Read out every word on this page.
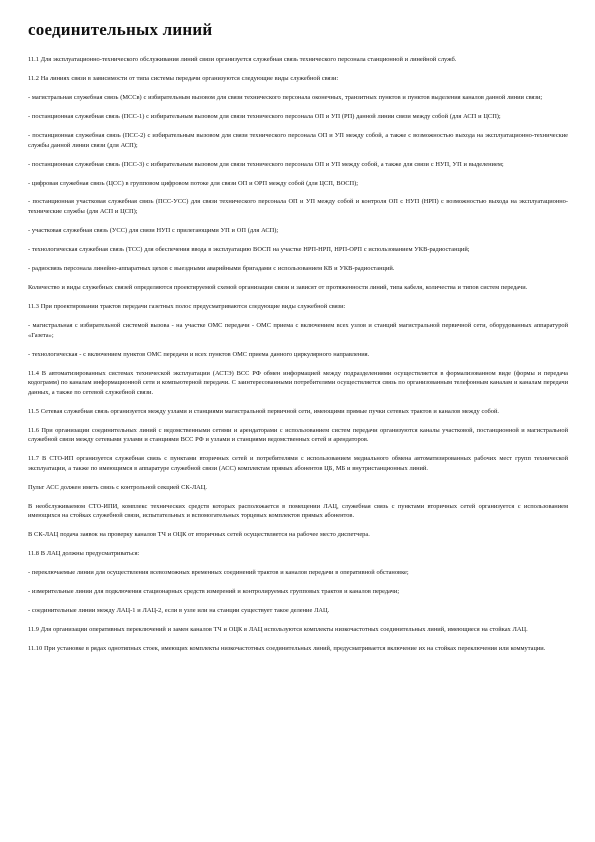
соединительных линий

11.1 Для эксплуатационно-технического обслуживания линий связи организуется служебная связь технического персонала станционной и линейной служб.

11.2 На линиях связи в зависимости от типа системы передачи организуются следующие виды служебной связи:

- магистральная служебная связь (МССв) с избирательным вызовом для связи технического персонала оконечных, транзитных пунктов и пунктов выделения каналов данной линии связи;

- постанционная служебная связь (ПСС-1) с избирательным вызовом для связи технического персонала ОП и УП (РП) данной линии связи между собой (для АСП и ЦСП);

- постанционная служебная связь (ПСС-2) с избирательным вызовом для связи технического персонала ОП и УП между собой, а также с возможностью выхода на эксплуатационно-технические службы данной линии связи (для АСП);

- постанционная служебная связь (ПСС-3) с избирательным вызовом для связи технического персонала ОП и УП между собой, а также для связи с НУП, УП и выделением;

- цифровая служебная связь (ЦСС) в групповом цифровом потоке для связи ОП и ОРП между собой (для ЦСП, ВОСП);

- постанционная участковая служебная связь (ПСС-УСС) для связи технического персонала ОП и УП между собой и контроля ОП с НУП (НРП) с возможностью выхода на эксплуатационно-технические службы (для АСП и ЦСП);

- участковая служебная связь (УСС) для связи НУП с прилегающими УП и ОП (для АСП);

- технологическая служебная связь (ТСС) для обеспечения ввода в эксплуатацию ВОСП на участке НРП-НРП, НРП-ОРП с использованием УКВ-радиостанций;

- радиосвязь персонала линейно-аппаратных цехов с выездными аварийными бригадами с использованием КВ и УКВ-радиостанций.

Количество и виды служебных связей определяются проектируемой схемой организации связи и зависят от протяженности линий, типа кабеля, количества и типов систем передачи.

11.3 При проектировании трактов передачи газетных полос предусматриваются следующие виды служебной связи:

- магистральная с избирательной системой вызова - на участке ОМС передачи - ОМС приема с включением всех узлов и станций магистральной первичной сети, оборудованных аппаратурой «Газета»;

- технологическая - с включением пунктов ОМС передачи и всех пунктов ОМС приема данного циркулярного направления.

11.4 В автоматизированных системах технической эксплуатации (АСТЭ) ВСС РФ обмен информацией между подразделениями осуществляется в формализованном виде (формы и передача кодограмм) по каналам информационной сети и компьютерной передачи. С заинтересованными потребителями осуществляется связь по организованным телефонным каналам и каналам передачи данных, а также по сетевой служебной связи.

11.5 Сетевая служебная связь организуется между узлами и станциями магистральной первичной сети, имеющими прямые пучки сетевых трактов и каналов между собой.

11.6 При организации соединительных линий с ведомственными сетями и арендаторами с использованием систем передачи организуются каналы участковой, постанционной и магистральной служебной связи между сетевыми узлами и станциями ВСС РФ и узлами и станциями ведомственных сетей и арендаторов.

11.7 В СТО-ИП организуется служебная связь с пунктами вторичных сетей и потребителями с использованием медиального обмена автоматизированных рабочих мест групп технической эксплуатации, а также по имеющимся в аппаратуре служебной связи (АСС) комплектам прямых абонентов ЦБ, МБ и внутристанционных линий.

Пульт АСС должен иметь связь с контрольной секцией СК-ЛАЦ.

В необслуживаемом СТО-ИПИ, комплекс технических средств которых расположается в помещении ЛАЦ, служебная связь с пунктами вторичных сетей организуется с использованием имеющихся на стойках служебной связи, испытательных и вспомогательных торцевых комплектов прямых абонентов.

В СК-ЛАЦ подача заявок на проверку каналов ТЧ и ОЦК от вторичных сетей осуществляется на рабочее место диспетчера.

11.8 В ЛАЦ должны предусматриваться:

- переключаемые линии для осуществления всевозможных временных соединений трактов и каналов передачи в оперативной обстановке;

- измерительные линии для подключения стационарных средств измерений и контролируемых групповых трактов и каналов передачи;

- соединительные линии между ЛАЦ-1 и ЛАЦ-2, если в узле или на станции существует такое деление ЛАЦ.

11.9 Для организации оперативных переключений и замен каналов ТЧ и ОЦК в ЛАЦ используются комплекты низкочастотных соединительных линий, имеющиеся на стойках ЛАЦ.

11.10 При установке в рядах однотипных стоек, имеющих комплекты низкочастотных соединительных линий, предусматривается включение их на стойках переключения или коммутации.
